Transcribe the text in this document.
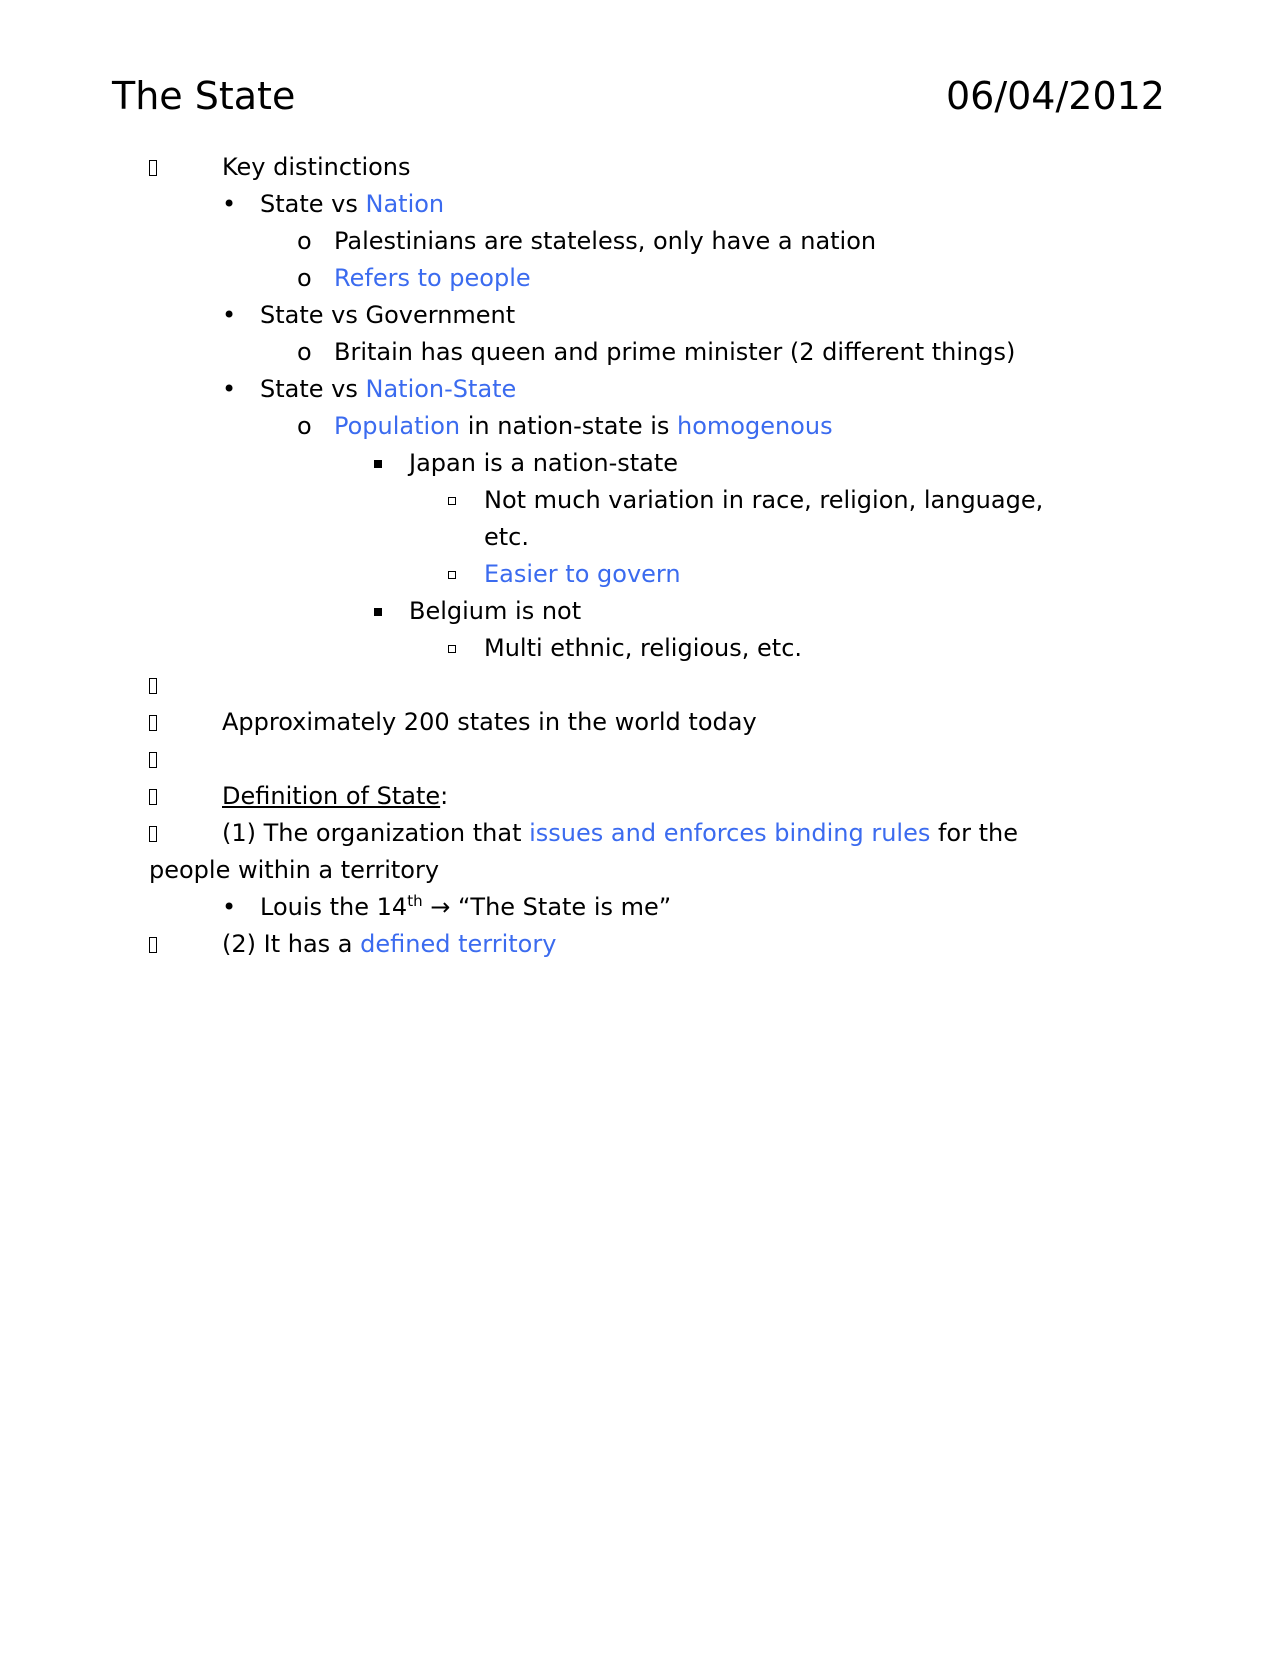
The State	06/04/2012
Key distinctions
• State vs Nation
o Palestinians are stateless, only have a nation
o Refers to people
• State vs Government
o Britain has queen and prime minister (2 different things)
• State vs Nation-State
o Population in nation-state is homogenous
Japan is a nation-state
Not much variation in race, religion, language,
etc.
Easier to govern
Belgium is not
Multi ethnic, religious, etc.
Approximately 200 states in the world today
Definition of State:
(1) The organization that issues and enforces binding rules for the
people within a territory
• Louis the 14th → “The State is me”
(2) It has a defined territory
